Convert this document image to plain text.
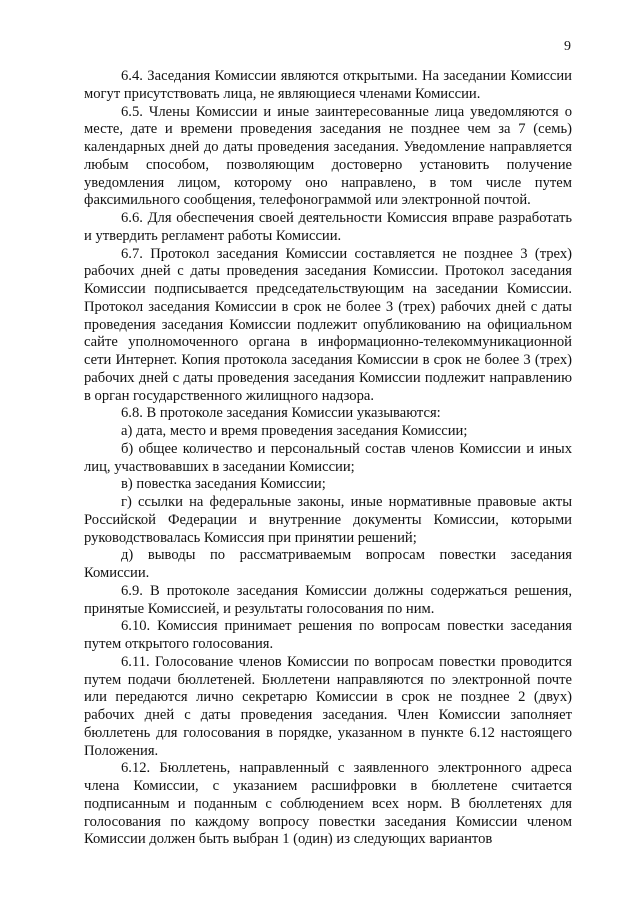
9

6.4. Заседания Комиссии являются открытыми. На заседании Комиссии могут присутствовать лица, не являющиеся членами Комиссии.

6.5. Члены Комиссии и иные заинтересованные лица уведомляются о месте, дате и времени проведения заседания не позднее чем за 7 (семь) календарных дней до даты проведения заседания. Уведомление направляется любым способом, позволяющим достоверно установить получение уведомления лицом, которому оно направлено, в том числе путем факсимильного сообщения, телефонограммой или электронной почтой.

6.6. Для обеспечения своей деятельности Комиссия вправе разработать и утвердить регламент работы Комиссии.

6.7. Протокол заседания Комиссии составляется не позднее 3 (трех) рабочих дней с даты проведения заседания Комиссии. Протокол заседания Комиссии подписывается председательствующим на заседании Комиссии. Протокол заседания Комиссии в срок не более 3 (трех) рабочих дней с даты проведения заседания Комиссии подлежит опубликованию на официальном сайте уполномоченного органа в информационно-телекоммуникационной сети Интернет. Копия протокола заседания Комиссии в срок не более 3 (трех) рабочих дней с даты проведения заседания Комиссии подлежит направлению в орган государственного жилищного надзора.

6.8. В протоколе заседания Комиссии указываются:

а) дата, место и время проведения заседания Комиссии;

б) общее количество и персональный состав членов Комиссии и иных лиц, участвовавших в заседании Комиссии;

в) повестка заседания Комиссии;

г) ссылки на федеральные законы, иные нормативные правовые акты Российской Федерации и внутренние документы Комиссии, которыми руководствовалась Комиссия при принятии решений;

д) выводы по рассматриваемым вопросам повестки заседания Комиссии.

6.9. В протоколе заседания Комиссии должны содержаться решения, принятые Комиссией, и результаты голосования по ним.

6.10. Комиссия принимает решения по вопросам повестки заседания путем открытого голосования.

6.11. Голосование членов Комиссии по вопросам повестки проводится путем подачи бюллетеней. Бюллетени направляются по электронной почте или передаются лично секретарю Комиссии в срок не позднее 2 (двух) рабочих дней с даты проведения заседания. Член Комиссии заполняет бюллетень для голосования в порядке, указанном в пункте 6.12 настоящего Положения.

6.12. Бюллетень, направленный с заявленного электронного адреса члена Комиссии, с указанием расшифровки в бюллетене считается подписанным и поданным с соблюдением всех норм. В бюллетенях для голосования по каждому вопросу повестки заседания Комиссии членом Комиссии должен быть выбран 1 (один) из следующих вариантов
